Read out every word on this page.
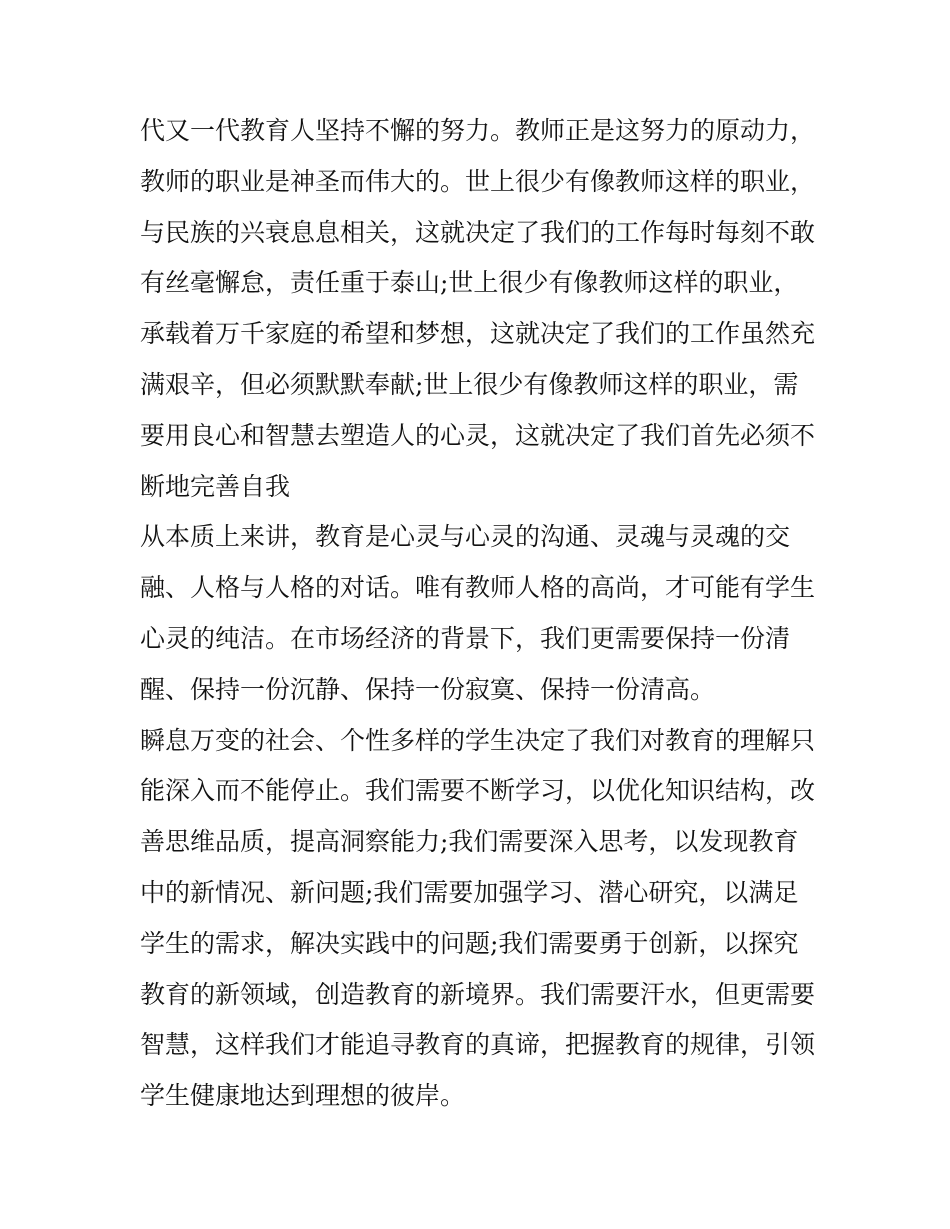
代又一代教育人坚持不懈的努力。教师正是这努力的原动力，
教师的职业是神圣而伟大的。世上很少有像教师这样的职业，
与民族的兴衰息息相关，这就决定了我们的工作每时每刻不敢
有丝毫懈怠，责任重于泰山;世上很少有像教师这样的职业，
承载着万千家庭的希望和梦想，这就决定了我们的工作虽然充
满艰辛，但必须默默奉献;世上很少有像教师这样的职业，需
要用良心和智慧去塑造人的心灵，这就决定了我们首先必须不
断地完善自我
从本质上来讲，教育是心灵与心灵的沟通、灵魂与灵魂的交
融、人格与人格的对话。唯有教师人格的高尚，才可能有学生
心灵的纯洁。在市场经济的背景下，我们更需要保持一份清
醒、保持一份沉静、保持一份寂寞、保持一份清高。
瞬息万变的社会、个性多样的学生决定了我们对教育的理解只
能深入而不能停止。我们需要不断学习，以优化知识结构，改
善思维品质，提高洞察能力;我们需要深入思考，以发现教育
中的新情况、新问题;我们需要加强学习、潜心研究，以满足
学生的需求，解决实践中的问题;我们需要勇于创新，以探究
教育的新领域，创造教育的新境界。我们需要汗水，但更需要
智慧，这样我们才能追寻教育的真谛，把握教育的规律，引领
学生健康地达到理想的彼岸。
